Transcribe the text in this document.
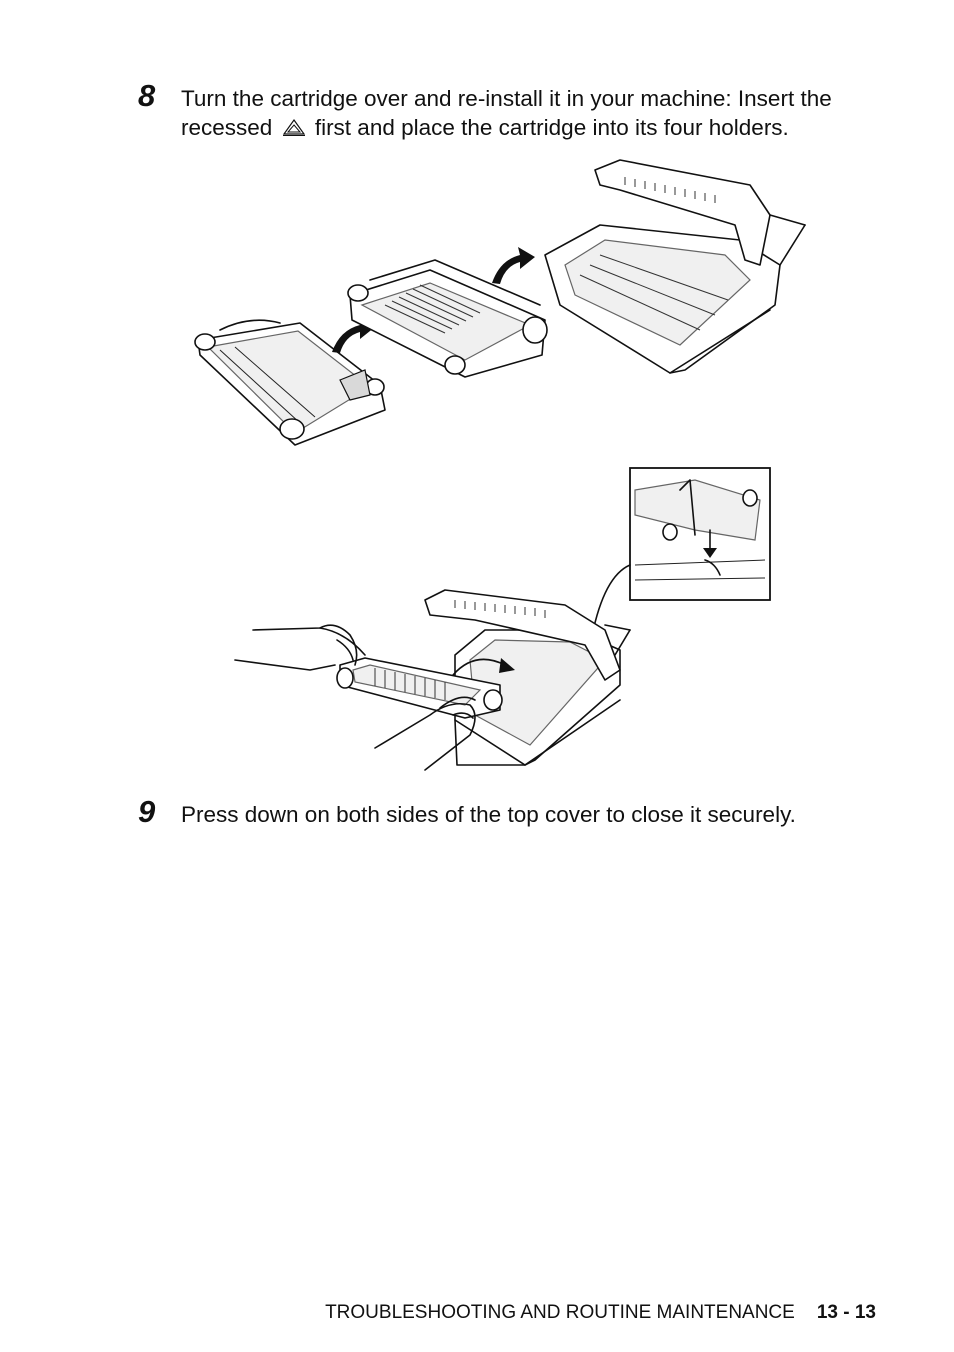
8 Turn the cartridge over and re-install it in your machine: Insert the recessed  first and place the cartridge into its four holders.
9 Press down on both sides of the top cover to close it securely.
TROUBLESHOOTING AND ROUTINE MAINTENANCE 13 - 13
